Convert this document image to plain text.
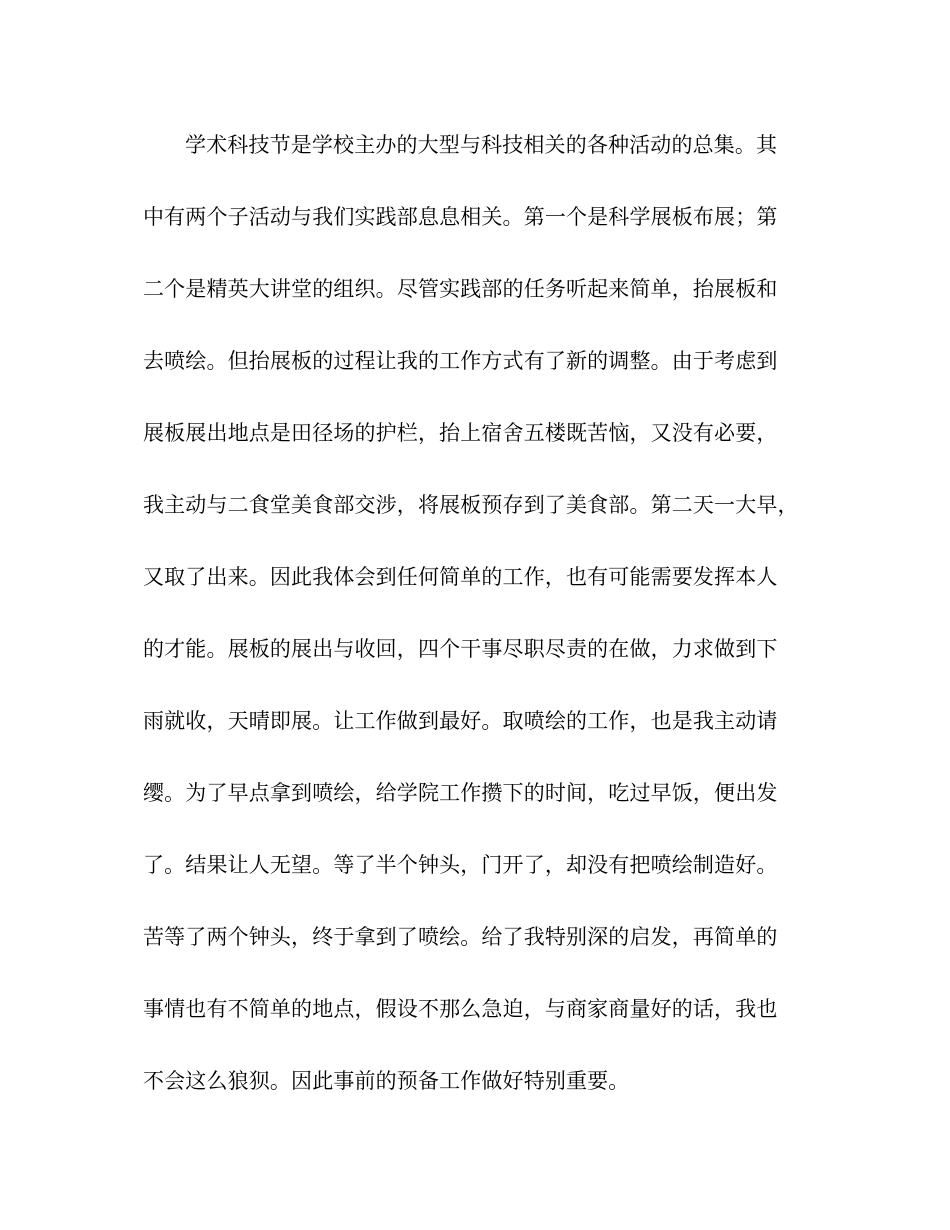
学术科技节是学校主办的大型与科技相关的各种活动的总集。其
中有两个子活动与我们实践部息息相关。第一个是科学展板布展；第
二个是精英大讲堂的组织。尽管实践部的任务听起来简单，抬展板和
去喷绘。但抬展板的过程让我的工作方式有了新的调整。由于考虑到
展板展出地点是田径场的护栏，抬上宿舍五楼既苦恼，又没有必要，
我主动与二食堂美食部交涉，将展板预存到了美食部。第二天一大早，
又取了出来。因此我体会到任何简单的工作，也有可能需要发挥本人
的才能。展板的展出与收回，四个干事尽职尽责的在做，力求做到下
雨就收，天晴即展。让工作做到最好。取喷绘的工作，也是我主动请
缨。为了早点拿到喷绘，给学院工作攒下的时间，吃过早饭，便出发
了。结果让人无望。等了半个钟头，门开了，却没有把喷绘制造好。
苦等了两个钟头，终于拿到了喷绘。给了我特别深的启发，再简单的
事情也有不简单的地点，假设不那么急迫，与商家商量好的话，我也
不会这么狼狈。因此事前的预备工作做好特别重要。
